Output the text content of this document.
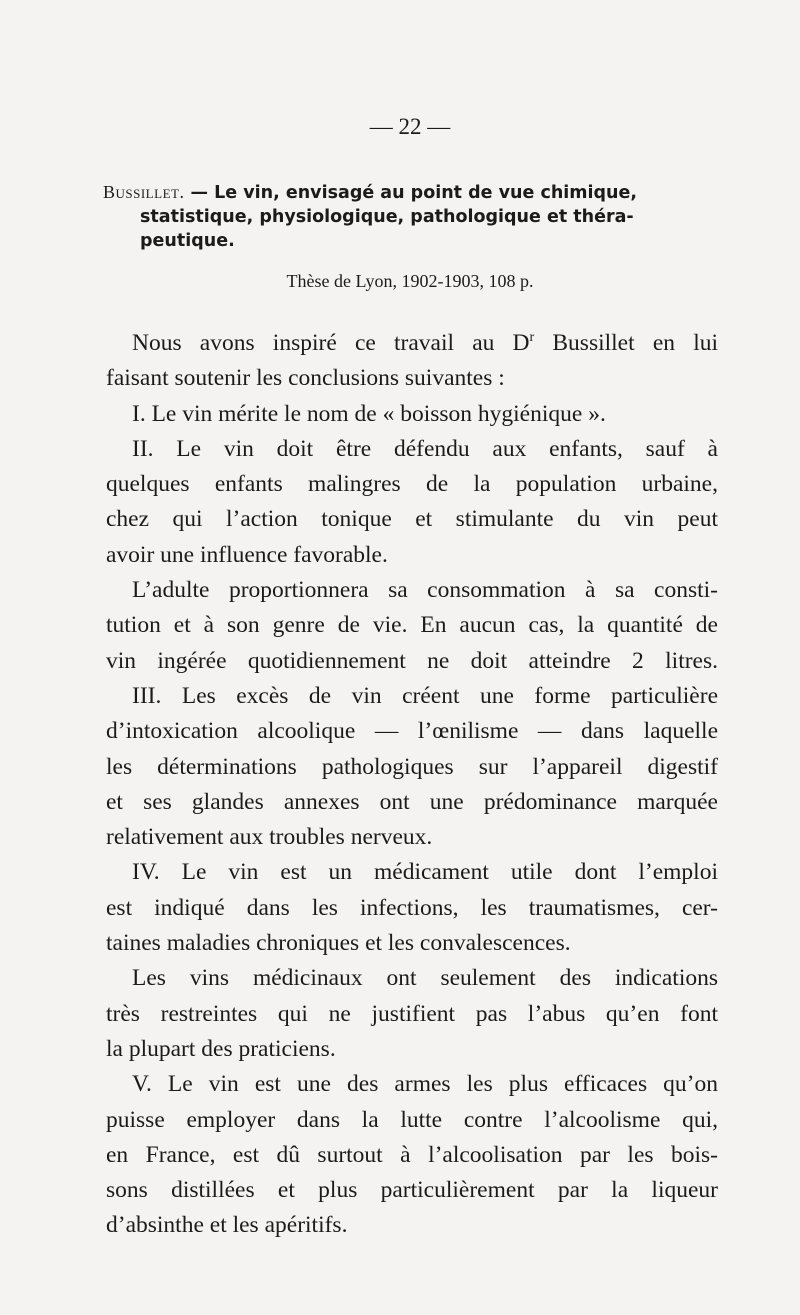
— 22 —
Bussillet. — Le vin, envisagé au point de vue chimique,
statistique, physiologique, pathologique et théra-
peutique.
Thèse de Lyon, 1902-1903, 108 p.
Nous avons inspiré ce travail au $D^r$ Bussillet en lui
faisant soutenir les conclusions suivantes :
I. Le vin mérite le nom de « boisson hygiénique ».
II. Le vin doit être défendu aux enfants, sauf à
quelques enfants malingres de la population urbaine,
chez qui l’action tonique et stimulante du vin peut
avoir une influence favorable.
L’adulte proportionnera sa consommation à sa consti-
tution et à son genre de vie. En aucun cas, la quantité de
vin ingérée quotidiennement ne doit atteindre 2 litres.
III. Les excès de vin créent une forme particulière
d’intoxication alcoolique — l’œnilisme — dans laquelle
les déterminations pathologiques sur l’appareil digestif
et ses glandes annexes ont une prédominance marquée
relativement aux troubles nerveux.
IV. Le vin est un médicament utile dont l’emploi
est indiqué dans les infections, les traumatismes, cer-
taines maladies chroniques et les convalescences.
Les vins médicinaux ont seulement des indications
très restreintes qui ne justifient pas l’abus qu’en font
la plupart des praticiens.
V. Le vin est une des armes les plus efficaces qu’on
puisse employer dans la lutte contre l’alcoolisme qui,
en France, est dû surtout à l’alcoolisation par les bois-
sons distillées et plus particulièrement par la liqueur
d’absinthe et les apéritifs.
